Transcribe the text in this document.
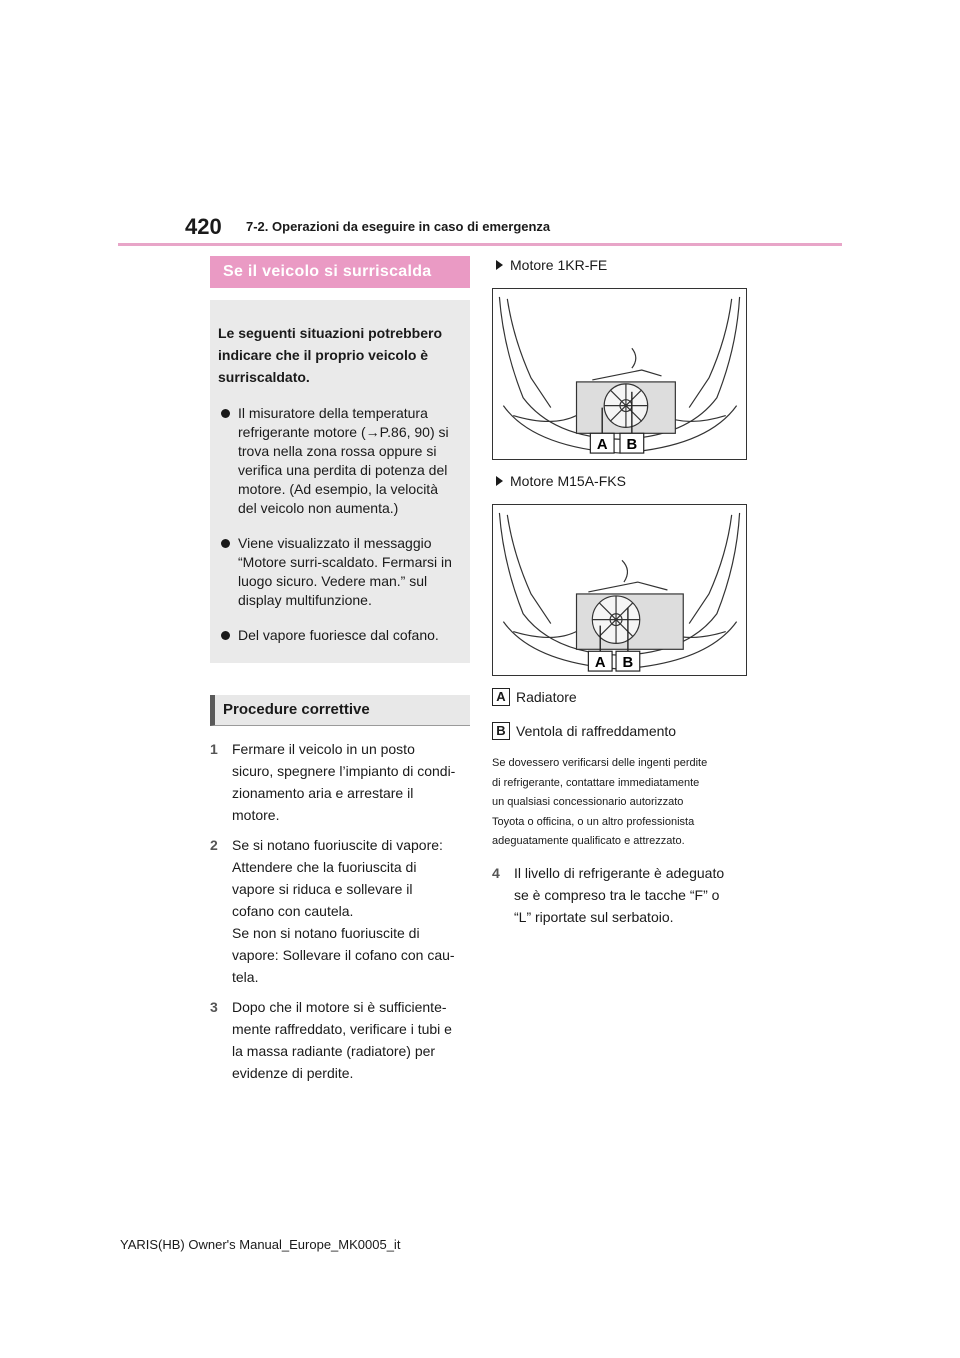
420 7-2. Operazioni da eseguire in caso di emergenza
Se il veicolo si surriscalda
Le seguenti situazioni potrebbero
indicare che il proprio veicolo è
surriscaldato.
Il misuratore della temperatura
refrigerante motore (→P.86, 90) si
trova nella zona rossa oppure si
verifica una perdita di potenza del
motore. (Ad esempio, la velocità
del veicolo non aumenta.)
Viene visualizzato il messaggio
“Motore surri-scaldato. Fermarsi in
luogo sicuro. Vedere man.” sul
display multifunzione.
Del vapore fuoriesce dal cofano.
Procedure correttive
1 Fermare il veicolo in un posto
sicuro, spegnere l’impianto di condi-
zionamento aria e arrestare il
motore.
2 Se si notano fuoriuscite di vapore:
Attendere che la fuoriuscita di
vapore si riduca e sollevare il
cofano con cautela.
Se non si notano fuoriuscite di
vapore: Sollevare il cofano con cau-
tela.
3 Dopo che il motore si è sufficiente-
mente raffreddato, verificare i tubi e
la massa radiante (radiatore) per
evidenze di perdite.
Motore 1KR-FE
A B
Motore M15A-FKS
A B
A Radiatore
B Ventola di raffreddamento
Se dovessero verificarsi delle ingenti perdite
di refrigerante, contattare immediatamente
un qualsiasi concessionario autorizzato
Toyota o officina, o un altro professionista
adeguatamente qualificato e attrezzato.
4 Il livello di refrigerante è adeguato
se è compreso tra le tacche “F” o
“L” riportate sul serbatoio.
YARIS(HB) Owner's Manual_Europe_MK0005_it
